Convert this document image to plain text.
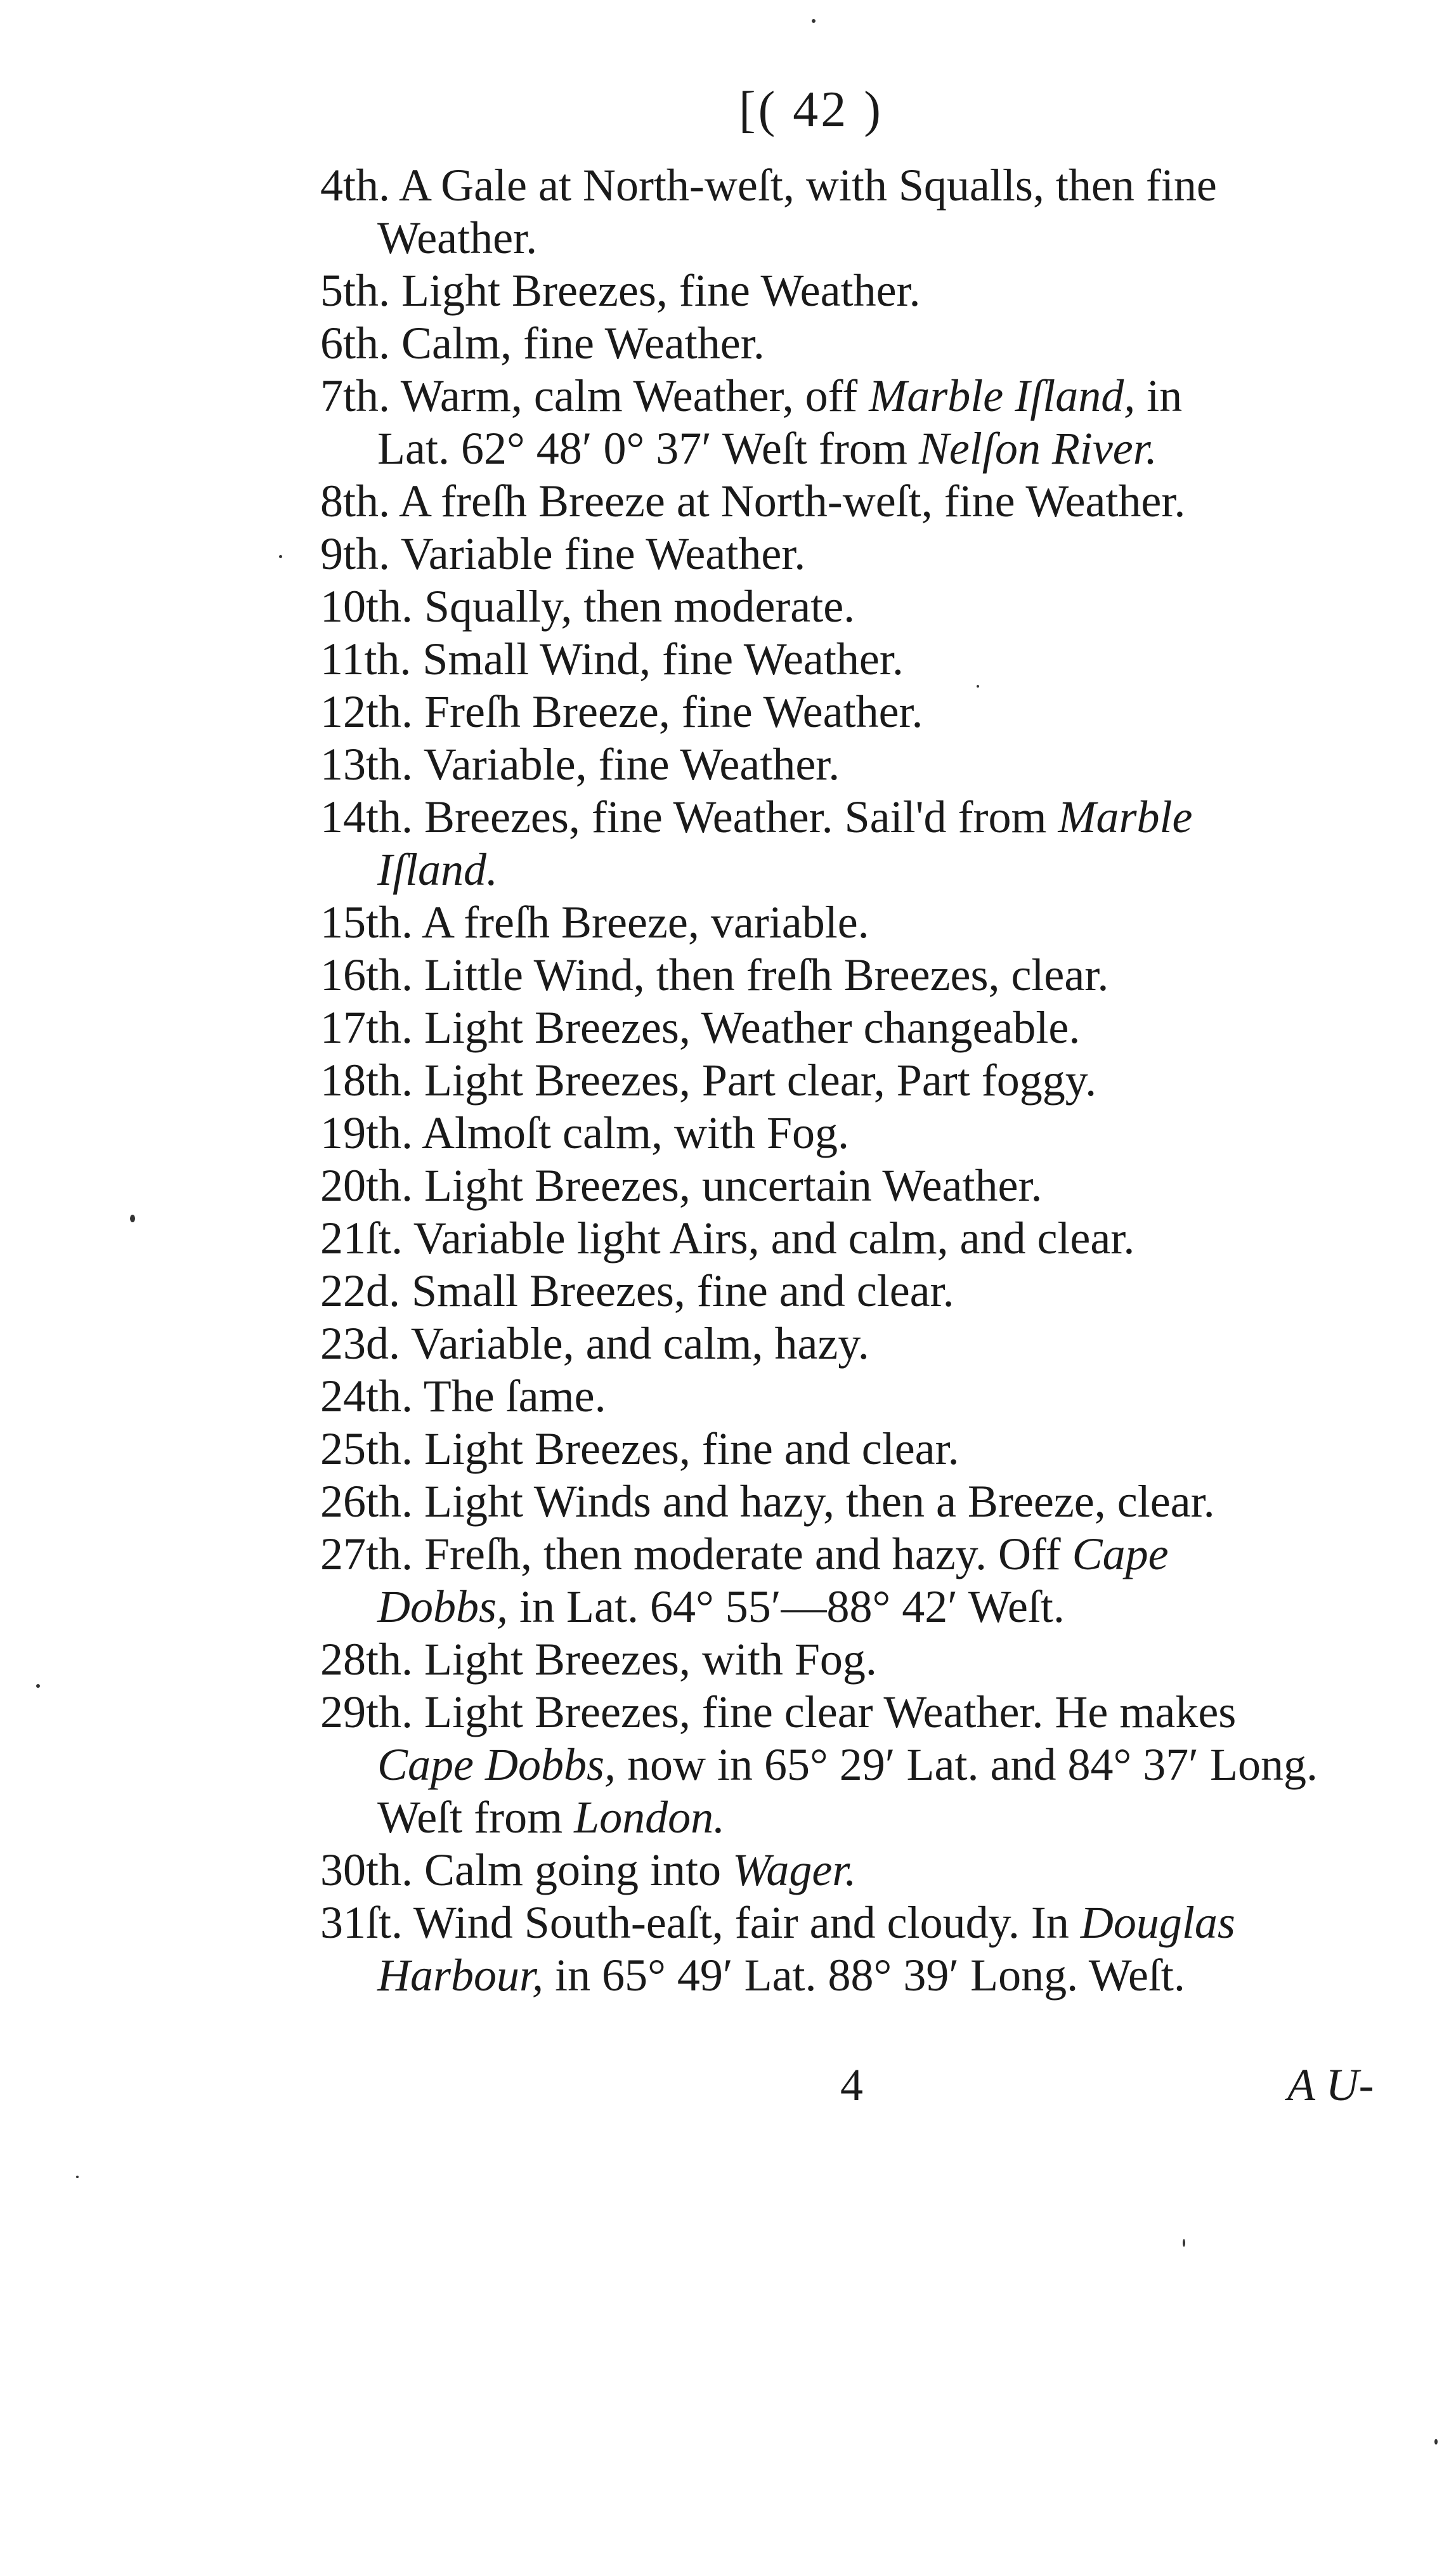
[( 42 )
4th. A Gale at North-weſt, with Squalls, then fine
Weather.
5th. Light Breezes, fine Weather.
6th. Calm, fine Weather.
7th. Warm, calm Weather, off Marble Iſland, in
Lat. 62° 48′ 0° 37′ Weſt from Nelſon River.
8th. A freſh Breeze at North-weſt, fine Weather.
9th. Variable fine Weather.
10th. Squally, then moderate.
11th. Small Wind, fine Weather.
12th. Freſh Breeze, fine Weather.
13th. Variable, fine Weather.
14th. Breezes, fine Weather. Sail'd from Marble
Iſland.
15th. A freſh Breeze, variable.
16th. Little Wind, then freſh Breezes, clear.
17th. Light Breezes, Weather changeable.
18th. Light Breezes, Part clear, Part foggy.
19th. Almoſt calm, with Fog.
20th. Light Breezes, uncertain Weather.
21ſt. Variable light Airs, and calm, and clear.
22d. Small Breezes, fine and clear.
23d. Variable, and calm, hazy.
24th. The ſame.
25th. Light Breezes, fine and clear.
26th. Light Winds and hazy, then a Breeze, clear.
27th. Freſh, then moderate and hazy. Off Cape
Dobbs, in Lat. 64° 55′—88° 42′ Weſt.
28th. Light Breezes, with Fog.
29th. Light Breezes, fine clear Weather. He makes
Cape Dobbs, now in 65° 29′ Lat. and 84° 37′ Long.
Weſt from London.
30th. Calm going into Wager.
31ſt. Wind South-eaſt, fair and cloudy. In Douglas
Harbour, in 65° 49′ Lat. 88° 39′ Long. Weſt.
4	A U-
